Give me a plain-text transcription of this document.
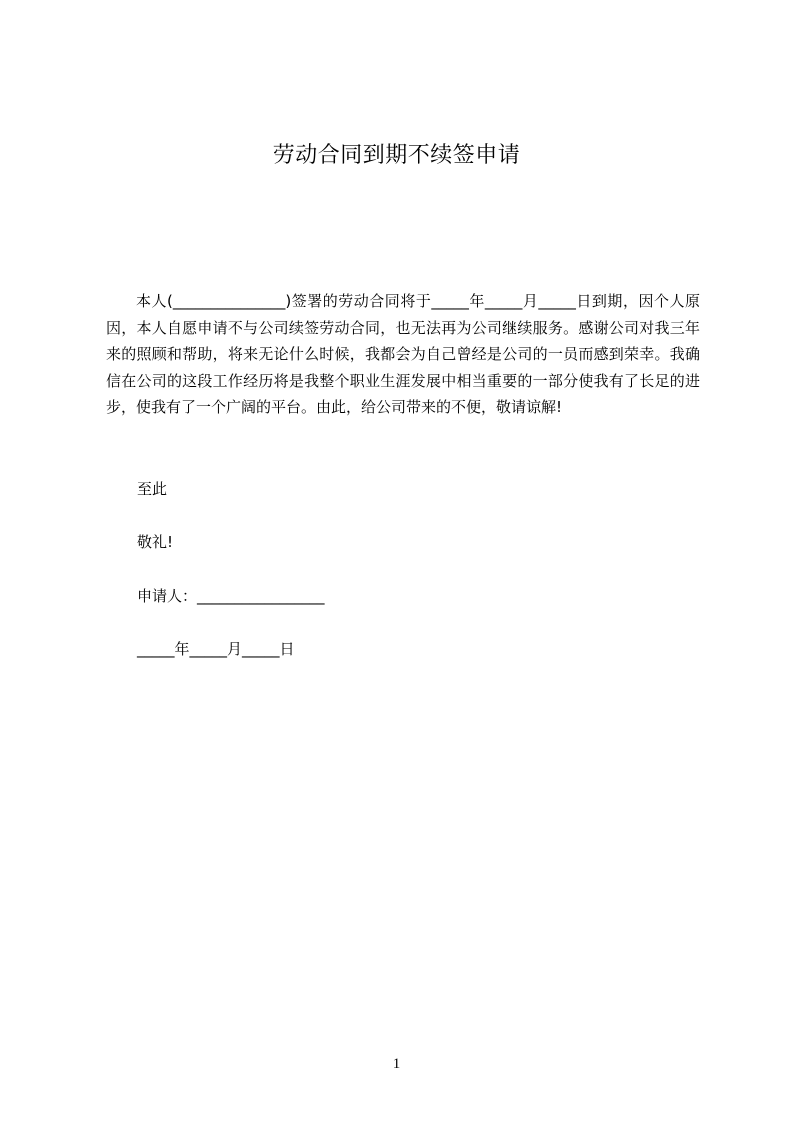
劳动合同到期不续签申请
本人(_______________)签署的劳动合同将于_____年_____月_____日到期，因个人原因，本人自愿申请不与公司续签劳动合同，也无法再为公司继续服务。感谢公司对我三年来的照顾和帮助，将来无论什么时候，我都会为自己曾经是公司的一员而感到荣幸。我确信在公司的这段工作经历将是我整个职业生涯发展中相当重要的一部分使我有了长足的进步，使我有了一个广阔的平台。由此，给公司带来的不便，敬请谅解!
至此
敬礼!
申请人：_________________
_____年_____月_____日
1
